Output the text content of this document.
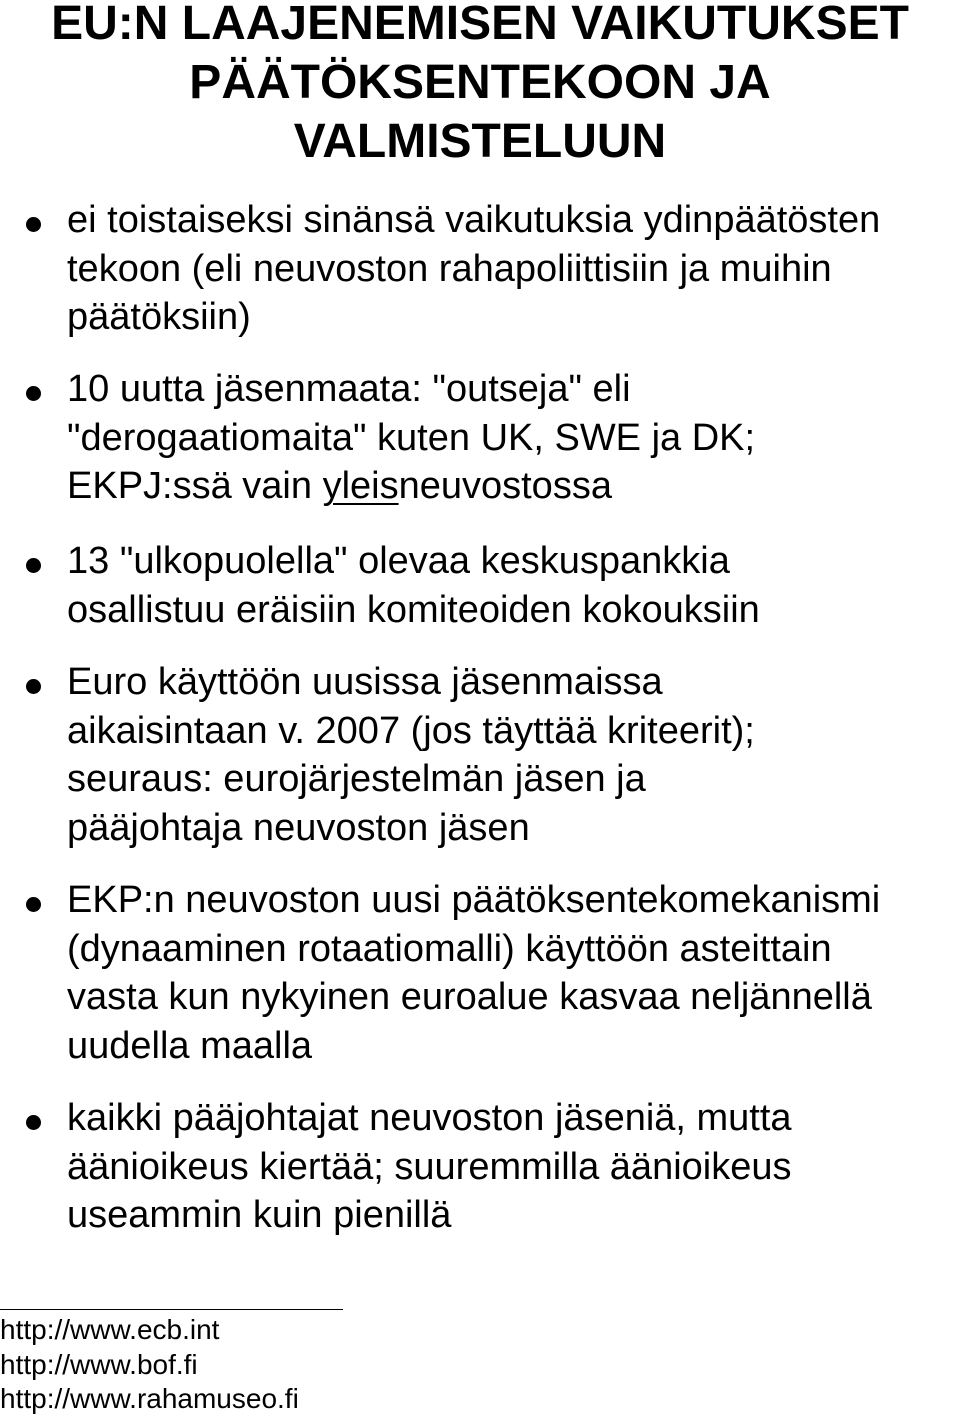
EU:N LAAJENEMISEN VAIKUTUKSET
PÄÄTÖKSENTEKOON JA
VALMISTELUUN
ei toistaiseksi sinänsä vaikutuksia ydinpäätösten
tekoon (eli neuvoston rahapoliittisiin ja muihin
päätöksiin)
10 uutta jäsenmaata: "outseja" eli
"derogaatiomaita" kuten UK, SWE ja DK;
EKPJ:ssä vain yleisneuvostossa
13 "ulkopuolella" olevaa keskuspankkia
osallistuu eräisiin komiteoiden kokouksiin
Euro käyttöön uusissa jäsenmaissa
aikaisintaan v. 2007 (jos täyttää kriteerit);
seuraus: eurojärjestelmän jäsen ja
pääjohtaja neuvoston jäsen
EKP:n neuvoston uusi päätöksentekomekanismi
(dynaaminen rotaatiomalli) käyttöön asteittain
vasta kun nykyinen euroalue kasvaa neljännellä
uudella maalla
kaikki pääjohtajat neuvoston jäseniä, mutta
äänioikeus kiertää; suuremmilla äänioikeus
useammin kuin pienillä
http://www.ecb.int
http://www.bof.fi
http://www.rahamuseo.fi
